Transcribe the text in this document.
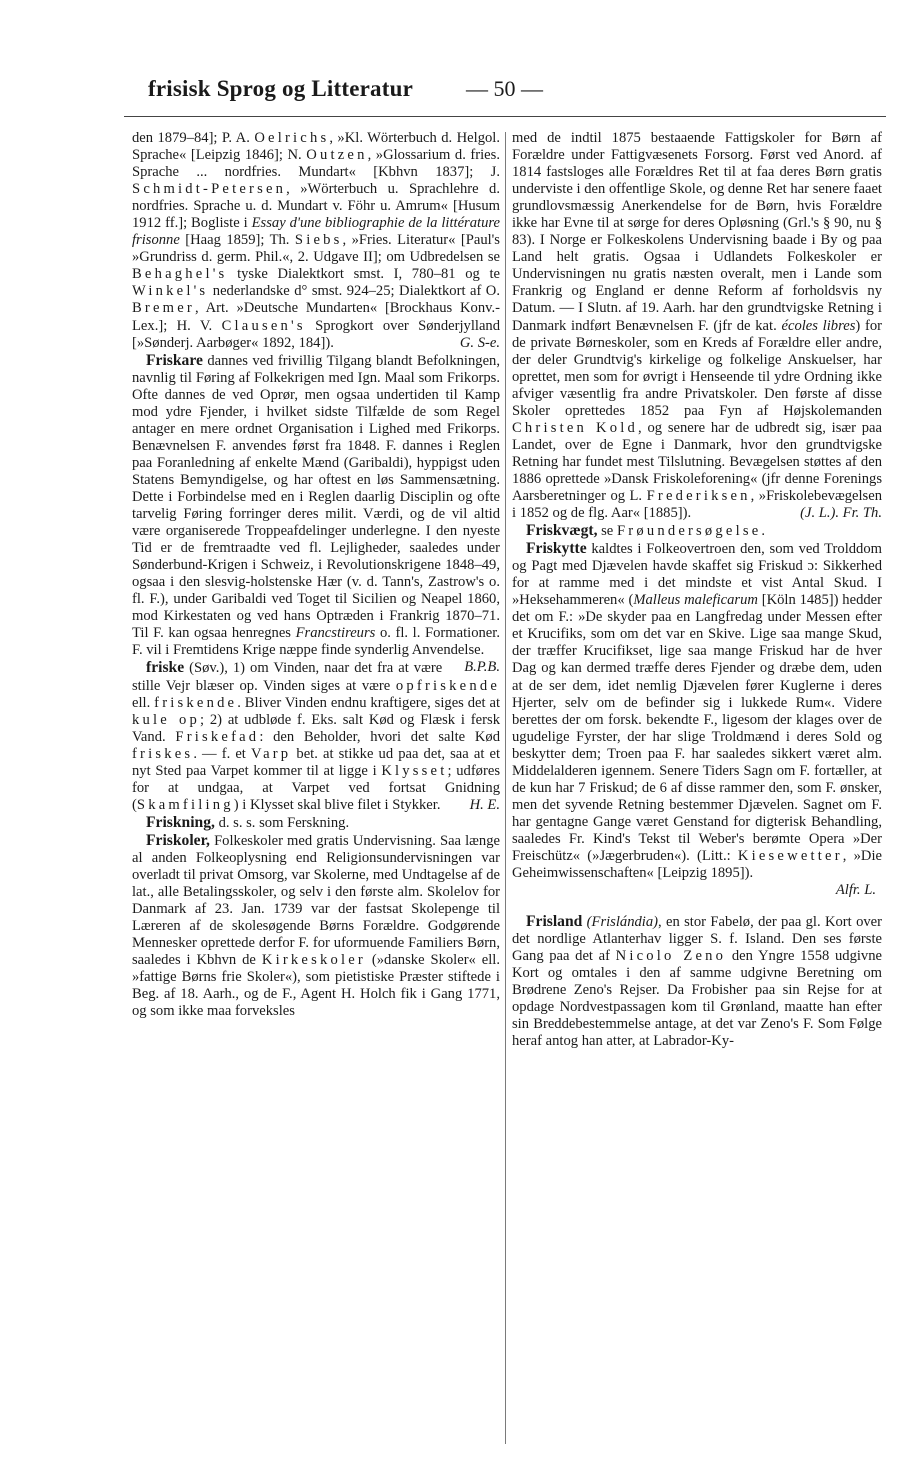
frisisk Sprog og Litteratur — 50 —

den 1879–84]; P. A. Oelrichs, »Kl. Wörterbuch d. Helgol. Sprache« [Leipzig 1846]; N. Outzen, »Glossarium d. fries. Sprache ... nordfries. Mundart« [Kbhvn 1837]; J. Schmidt-Petersen, »Wörterbuch u. Sprachlehre d. nordfries. Sprache u. d. Mundart v. Föhr u. Amrum« [Husum 1912 ff.]; Bogliste i Essay d'une bibliographie de la littérature frisonne [Haag 1859]; Th. Siebs, »Fries. Literatur« [Paul's »Grundriss d. germ. Phil.«, 2. Udgave II]; om Udbredelsen se Behaghel's tyske Dialektkort smst. I, 780–81 og te Winkel's nederlandske d° smst. 924–25; Dialektkort af O. Bremer, Art. »Deutsche Mundarten« [Brockhaus Konv.-Lex.]; H. V. Clausen's Sprogkort over Sønderjylland [»Sønderj. Aarbøger« 1892, 184]).	G. S-e.

Friskare dannes ved frivillig Tilgang blandt Befolkningen, navnlig til Føring af Folkekrigen med Ign. Maal som Frikorps. Ofte dannes de ved Oprør, men ogsaa undertiden til Kamp mod ydre Fjender, i hvilket sidste Tilfælde de som Regel antager en mere ordnet Organisation i Lighed med Frikorps. Benævnelsen F. anvendes først fra 1848. F. dannes i Reglen paa Foranledning af enkelte Mænd (Garibaldi), hyppigst uden Statens Bemyndigelse, og har oftest en løs Sammensætning. Dette i Forbindelse med en i Reglen daarlig Disciplin og ofte tarvelig Føring forringer deres milit. Værdi, og de vil altid være organiserede Troppeafdelinger underlegne. I den nyeste Tid er de fremtraadte ved fl. Lejligheder, saaledes under Sønderbund-Krigen i Schweiz, i Revolutionskrigene 1848–49, ogsaa i den slesvig-holstenske Hær (v. d. Tann's, Zastrow's o. fl. F.), under Garibaldi ved Toget til Sicilien og Neapel 1860, mod Kirkestaten og ved hans Optræden i Frankrig 1870–71. Til F. kan ogsaa henregnes Francstireurs o. fl. l. Formationer. F. vil i Fremtidens Krige næppe finde synderlig Anvendelse.
B.P.B.

friske (Søv.), 1) om Vinden, naar det fra at være stille Vejr blæser op. Vinden siges at være opfriskende ell. friskende. Bliver Vinden endnu kraftigere, siges det at kule op; 2) at udbløde f. Eks. salt Kød og Flæsk i fersk Vand. Friskefad: den Beholder, hvori det salte Kød friskes. — f. et Varp bet. at stikke ud paa det, saa at et nyt Sted paa Varpet kommer til at ligge i Klysset; udføres for at undgaa, at Varpet ved fortsat Gnidning (Skamfiling) i Klysset skal blive filet i Stykker.	H. E.

Friskning, d. s. s. som Ferskning.

Friskoler, Folkeskoler med gratis Undervisning. Saa længe al anden Folkeoplysning end Religionsundervisningen var overladt til privat Omsorg, var Skolerne, med Undtagelse af de lat., alle Betalingsskoler, og selv i den første alm. Skolelov for Danmark af 23. Jan. 1739 var der fastsat Skolepenge til Læreren af de skolesøgende Børns Forældre. Godgørende Mennesker oprettede derfor F. for uformuende Familiers Børn, saaledes i Kbhvn de Kirkeskoler (»danske Skoler« ell. »fattige Børns frie Skoler«), som pietistiske Præster stiftede i Beg. af 18. Aarh., og de F., Agent H. Holch fik i Gang 1771, og som ikke maa forveksles

med de indtil 1875 bestaaende Fattigskoler for Børn af Forældre under Fattigvæsenets Forsorg. Først ved Anord. af 1814 fastsloges alle Forældres Ret til at faa deres Børn gratis underviste i den offentlige Skole, og denne Ret har senere faaet grundlovsmæssig Anerkendelse for de Børn, hvis Forældre ikke har Evne til at sørge for deres Opløsning (Grl.'s § 90, nu § 83). I Norge er Folkeskolens Undervisning baade i By og paa Land helt gratis. Ogsaa i Udlandets Folkeskoler er Undervisningen nu gratis næsten overalt, men i Lande som Frankrig og England er denne Reform af forholdsvis ny Datum. — I Slutn. af 19. Aarh. har den grundtvigske Retning i Danmark indført Benævnelsen F. (jfr de kat. écoles libres) for de private Børneskoler, som en Kreds af Forældre eller andre, der deler Grundtvig's kirkelige og folkelige Anskuelser, har oprettet, men som for øvrigt i Henseende til ydre Ordning ikke afviger væsentlig fra andre Privatskoler. Den første af disse Skoler oprettedes 1852 paa Fyn af Højskolemanden Christen Kold, og senere har de udbredt sig, især paa Landet, over de Egne i Danmark, hvor den grundtvigske Retning har fundet mest Tilslutning. Bevægelsen støttes af den 1886 oprettede »Dansk Friskoleforening« (jfr denne Forenings Aarsberetninger og L. Frederiksen, »Friskolebevægelsen i 1852 og de flg. Aar« [1885]).	(J. L.). Fr. Th.

Friskvægt, se Frøundersøgelse.

Friskytte kaldtes i Folkeovertroen den, som ved Trolddom og Pagt med Djævelen havde skaffet sig Friskud ɔ: Sikkerhed for at ramme med i det mindste et vist Antal Skud. I »Heksehammeren« (Malleus maleficarum [Köln 1485]) hedder det om F.: »De skyder paa en Langfredag under Messen efter et Krucifiks, som om det var en Skive. Lige saa mange Skud, der træffer Krucifikset, lige saa mange Friskud har de hver Dag og kan dermed træffe deres Fjender og dræbe dem, uden at de ser dem, idet nemlig Djævelen fører Kuglerne i deres Hjerter, selv om de befinder sig i lukkede Rum«. Videre berettes der om forsk. bekendte F., ligesom der klages over de ugudelige Fyrster, der har slige Troldmænd i deres Sold og beskytter dem; Troen paa F. har saaledes sikkert været alm. Middelalderen igennem. Senere Tiders Sagn om F. fortæller, at de kun har 7 Friskud; de 6 af disse rammer den, som F. ønsker, men det syvende Retning bestemmer Djævelen. Sagnet om F. har gentagne Gange været Genstand for digterisk Behandling, saaledes Fr. Kind's Tekst til Weber's berømte Opera »Der Freischütz« (»Jægerbruden«). (Litt.: Kiesewetter, »Die Geheimwissenschaften« [Leipzig 1895]).

Alfr. L.

Frisland (Frislándia), en stor Fabelø, der paa gl. Kort over det nordlige Atlanterhav ligger S. f. Island. Den ses første Gang paa det af Nicolo Zeno den Yngre 1558 udgivne Kort og omtales i den af samme udgivne Beretning om Brødrene Zeno's Rejser. Da Frobisher paa sin Rejse for at opdage Nordvestpassagen kom til Grønland, maatte han efter sin Breddebestemmelse antage, at det var Zeno's F. Som Følge heraf antog han atter, at Labrador-Ky-
